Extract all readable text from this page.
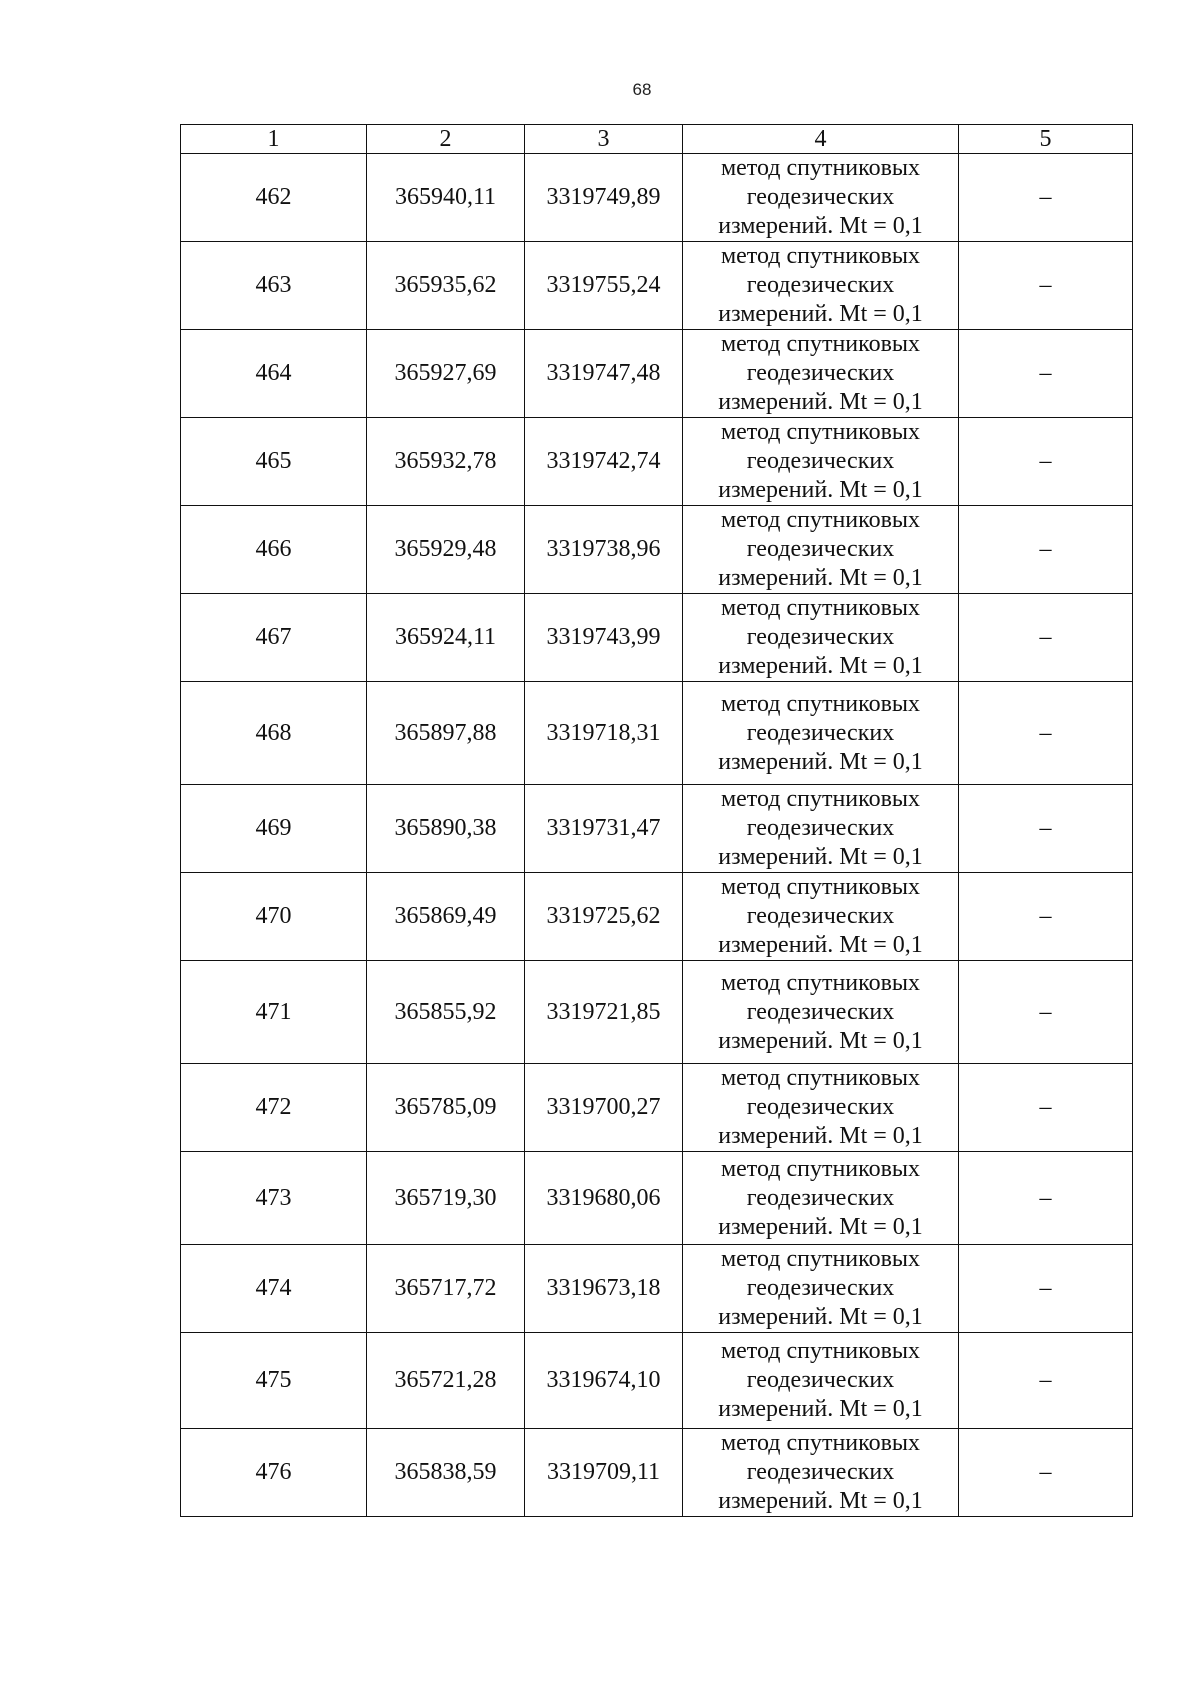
68
1	2	3	4	5
462	365940,11	3319749,89	метод спутниковых
геодезических
измерений. Mt = 0,1	–
463	365935,62	3319755,24	метод спутниковых
геодезических
измерений. Mt = 0,1	–
464	365927,69	3319747,48	метод спутниковых
геодезических
измерений. Mt = 0,1	–
465	365932,78	3319742,74	метод спутниковых
геодезических
измерений. Mt = 0,1	–
466	365929,48	3319738,96	метод спутниковых
геодезических
измерений. Mt = 0,1	–
467	365924,11	3319743,99	метод спутниковых
геодезических
измерений. Mt = 0,1	–
468	365897,88	3319718,31	метод спутниковых
геодезических
измерений. Mt = 0,1	–
469	365890,38	3319731,47	метод спутниковых
геодезических
измерений. Mt = 0,1	–
470	365869,49	3319725,62	метод спутниковых
геодезических
измерений. Mt = 0,1	–
471	365855,92	3319721,85	метод спутниковых
геодезических
измерений. Mt = 0,1	–
472	365785,09	3319700,27	метод спутниковых
геодезических
измерений. Mt = 0,1	–
473	365719,30	3319680,06	метод спутниковых
геодезических
измерений. Mt = 0,1	–
474	365717,72	3319673,18	метод спутниковых
геодезических
измерений. Mt = 0,1	–
475	365721,28	3319674,10	метод спутниковых
геодезических
измерений. Mt = 0,1	–
476	365838,59	3319709,11	метод спутниковых
геодезических
измерений. Mt = 0,1	–
